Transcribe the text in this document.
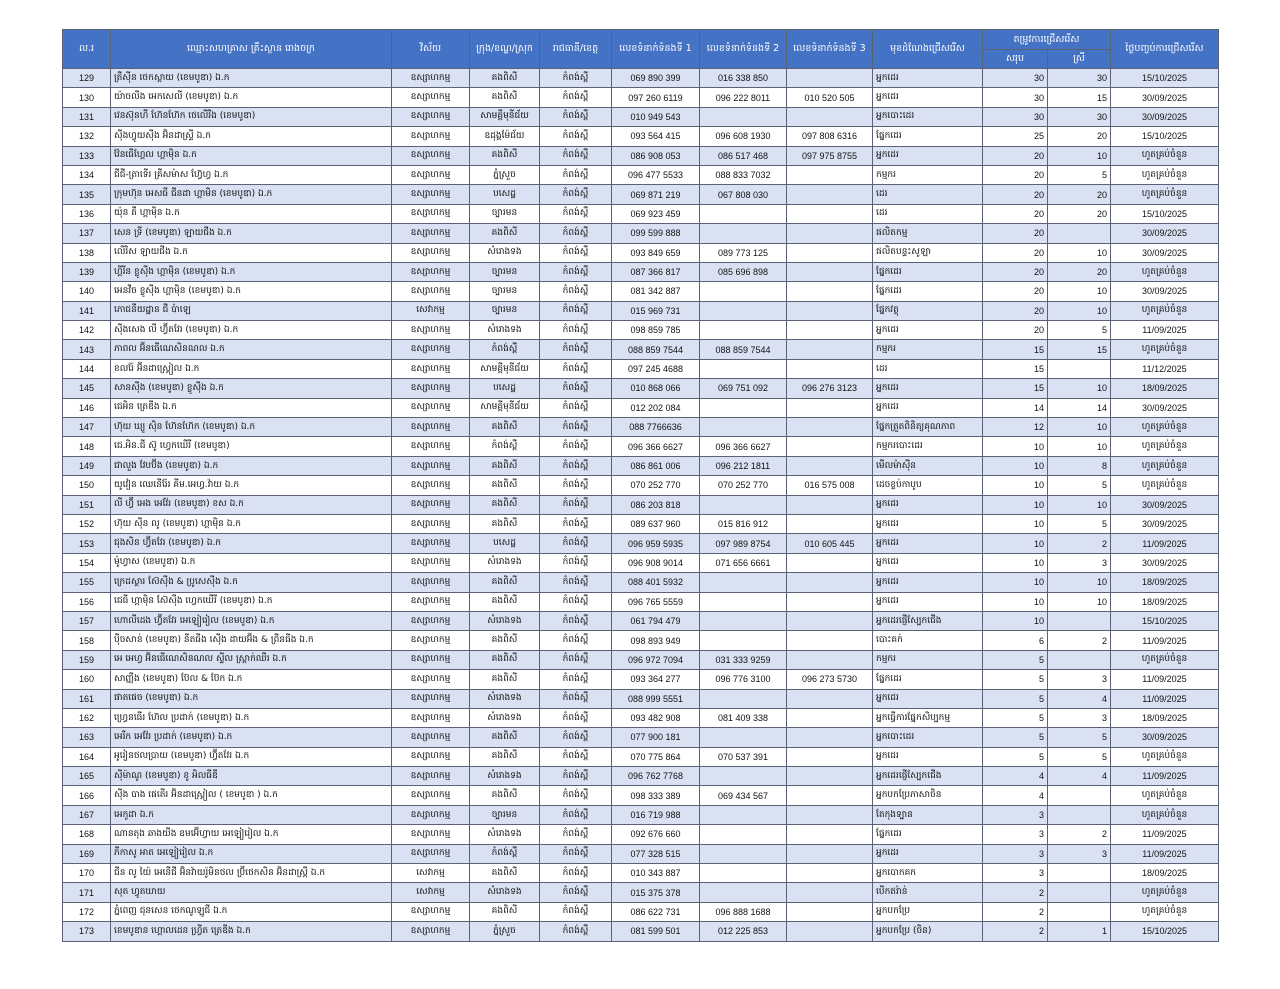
ល.រ	ឈ្មោះសហគ្រាស គ្រឹះស្ថាន រោងចក្រ	វិស័យ	ក្រុង/ខណ្ឌ/ស្រុក	រាជធានី/ខេត្ត	លេខទំនាក់ទំនងទី 1	លេខទំនាក់ទំនងទី 2	លេខទំនាក់ទំនងទី 3	មុខដំណែងជ្រើសរើស	តម្រូវការជ្រើសរើស		ថ្ងៃបញ្ចប់ការជ្រើសរើស
									សរុប	ស្រី	
129	ត្រឺស៊ីន ថេកស្តាយ (ខេមបូឌា) ឯ.ក	ឧស្សាហកម្ម	គងពិសី	កំពង់ស្ពឺ	069 890 399	016 338 850		អ្នកដេរ	30	30	15/10/2025
130	យ៉ាចលីង អេកសេលី (ខេមបូឌា) ឯ.ក	ឧស្សាហកម្ម	គងពិសី	កំពង់ស្ពឺ	097 260 6119	096 222 8011	010 520 505	អ្នកដេរ	30	15	30/09/2025
131	វេនស៊ុនហឺ ហ៊ែនហ៊ែក ថេលើរីង (ខេមបូឌា)	ឧស្សាហកម្ម	សាមគ្គីមុនីជ័យ	កំពង់ស្ពឺ	010 949 543			អ្នកបោះដេរ	30	30	30/09/2025
132	ស៊ីងហ្វូយស៊ីង អ៊ិនដាស្រ្ទី ឯ.ក	ឧស្សាហកម្ម	ឧដុង្គម៉ែជ័យ	កំពង់ស្ពឺ	093 564 415	096 608 1930	097 808 6316	ផ្នែកដេរ	25	20	15/10/2025
133	វ៉ែនធើហ្គែល ហ្គាម៉ិន ឯ.ក	ឧស្សាហកម្ម	គងពិសី	កំពង់ស្ពឺ	086 908 053	086 517 468	097 975 8755	អ្នកដេរ	20	10	ហូតគ្រប់ចំនួន
134	ជីជី-ត្រាទើរ គ្រីសម៉ាស ហ្វ៊ែហ្វ ឯ.ក	ឧស្សាហកម្ម	ភ្នំស្រួច	កំពង់ស្ពឺ	096 477 5533	088 833 7032		កម្មករ	20	5	ហូតគ្រប់ចំនួន
135	ក្រុមហ៊ុន អេសធី ជីនដា ហ្គាមិន (ខេមបូឌា) ឯ.ក	ឧស្សាហកម្ម	បសេដ្ឋ	កំពង់ស្ពឺ	069 871 219	067 808 030		ដេរ	20	20	ហូតគ្រប់ចំនួន
136	យ៉ុន តឺ ហ្គាម៉ិន ឯ.ក	ឧស្សាហកម្ម	ច្បារមន	កំពង់ស្ពឺ	069 923 459			ដេរ	20	20	15/10/2025
137	សេន ទ្រី (ខេមបូឌា) ឡាយជីង ឯ.ក	ឧស្សាហកម្ម	គងពិសី	កំពង់ស្ពឺ	099 599 888			ផលិតកម្ម	20		30/09/2025
138	លើរិស ឡាយជីង ឯ.ក	ឧស្សាហកម្ម	សំរោងទង	កំពង់ស្ពឺ	093 849 659	089 773 125		ផលិតបន្ទះសូឡា	20	10	30/09/2025
139	ហ្គីរីន ខ្លូស៊ីង ហ្គាម៉ិន (ខេមបូឌា) ឯ.ក	ឧស្សាហកម្ម	ច្បារមន	កំពង់ស្ពឺ	087 366 817	085 696 898		ផ្នែកដេរ	20	20	ហូតគ្រប់ចំនួន
140	អេនវីច ខ្លូស៊ីង ហ្គាម៉ិន (ខេមបូឌា) ឯ.ក	ឧស្សាហកម្ម	ច្បារមន	កំពង់ស្ពឺ	081 342 887			ផ្នែកដេរ	20	10	30/09/2025
141	ភោជនីយដ្ឋាន ជី ប៉ាឡេ	សេវាកម្ម	ច្បារមន	កំពង់ស្ពឺ	015 969 731			ផ្នែកវត្ថុ	20	10	ហូតគ្រប់ចំនួន
142	ស៊ីងសេង លី ហ្វ៊ីតវែរ (ខេមបូឌា) ឯ.ក	ឧស្សាហកម្ម	សំរោងទង	កំពង់ស្ពឺ	098 859 785			អ្នកដេរ	20	5	11/09/2025
143	ភាពល អ៊ីនធើណេសិនណល ឯ.ក	ឧស្សាហកម្ម	កំពង់ស្ពឺ	កំពង់ស្ពឺ	088 859 7544	088 859 7544		កម្មករ	15	15	ហូតគ្រប់ចំនួន
144	ខលរ៉ែ អ៊ីនដាស្ត្រៀល ឯ.ក	ឧស្សាហកម្ម	សាមគ្គីមុនីជ័យ	កំពង់ស្ពឺ	097 245 4688			ដេរ	15		11/12/2025
145	សានស៊ីង (ខេមបូឌា) ខ្លូស៊ីង ឯ.ក	ឧស្សាហកម្ម	បសេដ្ឋ	កំពង់ស្ពឺ	010 868 066	069 751 092	096 276 3123	អ្នកដេរ	15	10	18/09/2025
146	ជេអិន ត្រេឌីង ឯ.ក	ឧស្សាហកម្ម	សាមគ្គីមុនីជ័យ	កំពង់ស្ពឺ	012 202 084			អ្នកដេរ	14	14	30/09/2025
147	ហ៊ុយ ឃ្យូ ស៊ិន ហ៊ែនហ៊ែក (ខេមបូឌា) ឯ.ក	ឧស្សាហកម្ម	គងពិសី	កំពង់ស្ពឺ	088 7766636			ផ្នែកត្រួតពិនិត្យគុណភាព	12	10	ហូតគ្រប់ចំនួន
148	ជេ.អិន.ជី ស៊ូ ហ្វេកឃើរី (ខេមបូឌា)	ឧស្សាហកម្ម	កំពង់ស្ពឺ	កំពង់ស្ពឺ	096 366 6627	096 366 6627		កម្មករបោះដេរ	10	10	ហូតគ្រប់ចំនួន
149	ជាលួង វែបប៊ីង (ខេមបូឌា) ឯ.ក	ឧស្សាហកម្ម	គងពិសី	កំពង់ស្ពឺ	086 861 006	096 212 1811		មើលម៉ាស៊ីន	10	8	ហូតគ្រប់ចំនួន
150	យូវៀន ឈេនើរ៉ែរ គីម.អេហ្វ.វ៉ាយ ឯ.ក	ឧស្សាហកម្ម	គងពិសី	កំពង់ស្ពឺ	070 252 770	070 252 770	016 575 008	ដេចខ្ចប់កាបូប	10	5	ហូតគ្រប់ចំនួន
151	លី ហ្វ៊ី អេង អេវ៉ែរ (ខេមបូឌា) ខស ឯ.ក	ឧស្សាហកម្ម	គងពិសី	កំពង់ស្ពឺ	086 203 818			អ្នកដេរ	10	10	30/09/2025
152	ហ៊ុយ ស៊ីន លូ (ខេមបូឌា) ហ្គាម៉ិន ឯ.ក	ឧស្សាហកម្ម	គងពិសី	កំពង់ស្ពឺ	089 637 960	015 816 912		អ្នកដេរ	10	5	30/09/2025
153	ជុងសិន ហ្វ៊ីតវែរ (ខេមបូឌា) ឯ.ក	ឧស្សាហកម្ម	បសេដ្ឋ	កំពង់ស្ពឺ	096 959 5935	097 989 8754	010 605 445	អ្នកដេរ	10	2	11/09/2025
154	ម៉ូហ្វាស (ខេមបូឌា) ឯ.ក	ឧស្សាហកម្ម	សំរោងទង	កំពង់ស្ពឺ	096 908 9014	071 656 6661		អ្នកដេរ	10	3	30/09/2025
155	ក្រេដស្ថារ ស៊ែស៊ីង & ប្រូសេស៊ីង ឯ.ក	ឧស្សាហកម្ម	គងពិសី	កំពង់ស្ពឺ	088 401 5932			អ្នកដេរ	10	10	18/09/2025
156	ជេធី ហ្គាម៉ិន ស៊ែស៊ីង ហ្វេកឃើរី (ខេមបូឌា) ឯ.ក	ឧស្សាហកម្ម	គងពិសី	កំពង់ស្ពឺ	096 765 5559			អ្នកដេរ	10	10	18/09/2025
157	ហោលីដេង ហ្វ៊ីតវែរ អេឡៀរៀល (ខេមបូឌា) ឯ.ក	ឧស្សាហកម្ម	សំរោងទង	កំពង់ស្ពឺ	061 794 479			អ្នកដេរផ្ញើស្បែកជើង	10		15/10/2025
158	ប៉ីចសាន់ (ខេមបូឌា) នីតធីង ស៊ើង ដាយអ៊ីង & ព្រីនធីង ឯ.ក	ឧស្សាហកម្ម	គងពិសី	កំពង់ស្ពឺ	098 893 949			បោះគក់	6	2	11/09/2025
159	អេ អេហ្វ អ៊ិនធើណេសិនណល ស្ទីល ស្ត្រាក់ឈឺរ ឯ.ក	ឧស្សាហកម្ម	គងពិសី	កំពង់ស្ពឺ	096 972 7094	031 333 9259		កម្មករ	5		ហូតគ្រប់ចំនួន
160	សាញ្ញីង (ខេមបូឌា) ប៊ែល & ប៊ែក ឯ.ក	ឧស្សាហកម្ម	គងពិសី	កំពង់ស្ពឺ	093 364 277	096 776 3100	096 273 5730	ផ្នែកដេរ	5	3	11/09/2025
161	ផាតផេច (ខេមបូឌា) ឯ.ក	ឧស្សាហកម្ម	សំរោងទង	កំពង់ស្ពឺ	088 999 5551			អ្នកដេរ	5	4	11/09/2025
162	ហ្វ្រេនធើរ ហ៊ែល ប្រដាក់ (ខេមបូឌា) ឯ.ក	ឧស្សាហកម្ម	សំរោងទង	កំពង់ស្ពឺ	093 482 908	081 409 338		អ្នកធ្វើការផ្នែកសិប្បកម្ម	5	3	18/09/2025
163	អេរីក អេវ៉ែរ ប្រដាក់ (ខេមបូឌា) ឯ.ក	ឧស្សាហកម្ម	គងពិសី	កំពង់ស្ពឺ	077 900 181			អ្នកបោះដេរ	5	5	30/09/2025
164	អូរៀនថលប្រាយ (ខេមបូឌា) ហ្វ៊ីតវែរ ឯ.ក	ឧស្សាហកម្ម	គងពិសី	កំពង់ស្ពឺ	070 775 864	070 537 391		អ្នកដេរ	5	5	ហូតគ្រប់ចំនួន
165	ស៊ីម៉ាណូ (ខេមបូឌា) ខូ អិលធីឌី	ឧស្សាហកម្ម	សំរោងទង	កំពង់ស្ពឺ	096 762 7768			អ្នកដេរផ្ញើស្បែកជើង	4	4	11/09/2025
166	ស៊ីង បាង ផេតើរ អ៊ិនដាស្ត្រៀល ( ខេមបូឌា ) ឯ.ក	ឧស្សាហកម្ម	គងពិសី	កំពង់ស្ពឺ	098 333 389	069 434 567		អ្នកបកប្រែភាសាចិន	4		ហូតគ្រប់ចំនួន
167	អេកូដា ឯ.ក	ឧស្សាហកម្ម	ច្បារមន	កំពង់ស្ពឺ	016 719 988			តែកុងទ្បាន	3		ហូតគ្រប់ចំនួន
168	ណានតុង ឆាងយីង ឧមអ៊ើហ្វាយ អេឡៀរៀល ឯ.ក	ឧស្សាហកម្ម	សំរោងទង	កំពង់ស្ពឺ	092 676 660			ផ្នែកដេរ	3	2	11/09/2025
169	ភីកាសូ អាត អេឡៀរៀល ឯ.ក	ឧស្សាហកម្ម	កំពង់ស្ពឺ	កំពង់ស្ពឺ	077 328 515			អ្នកដេរ	3	3	11/09/2025
170	ជីន លូ យ៉ៃ អេនើជី អ៊ិនវ៉ាយរ៉ូមិនថល ប្រ៊ីថេកសិន អ៊ិនដាស្ត្រី ឯ.ក	សេវាកម្ម	គងពិសី	កំពង់ស្ពឺ	010 343 887			អ្នកបោកគក	3		18/09/2025
171	សុត ហ្វូតឃាយ	សេវាកម្ម	សំរោងទង	កំពង់ស្ពឺ	015 375 378			បើកឥរ៉ាន់	2		ហូតគ្រប់ចំនួន
172	ភ្នំពេញ ជុនសេន ថេកណូឡូជី ឯ.ក	ឧស្សាហកម្ម	គងពិសី	កំពង់ស្ពឺ	086 622 731	096 888 1688		អ្នកបកប្រែ	2		ហូតគ្រប់ចំនួន
173	ខេមបូឌាន ហ្គោលដេន ហ្វ្រីត ត្រេឌីង ឯ.ក	ឧស្សាហកម្ម	ភ្នំស្រួច	កំពង់ស្ពឺ	081 599 501	012 225 853		អ្នកបកប្រែ (ចិន)	2	1	15/10/2025
